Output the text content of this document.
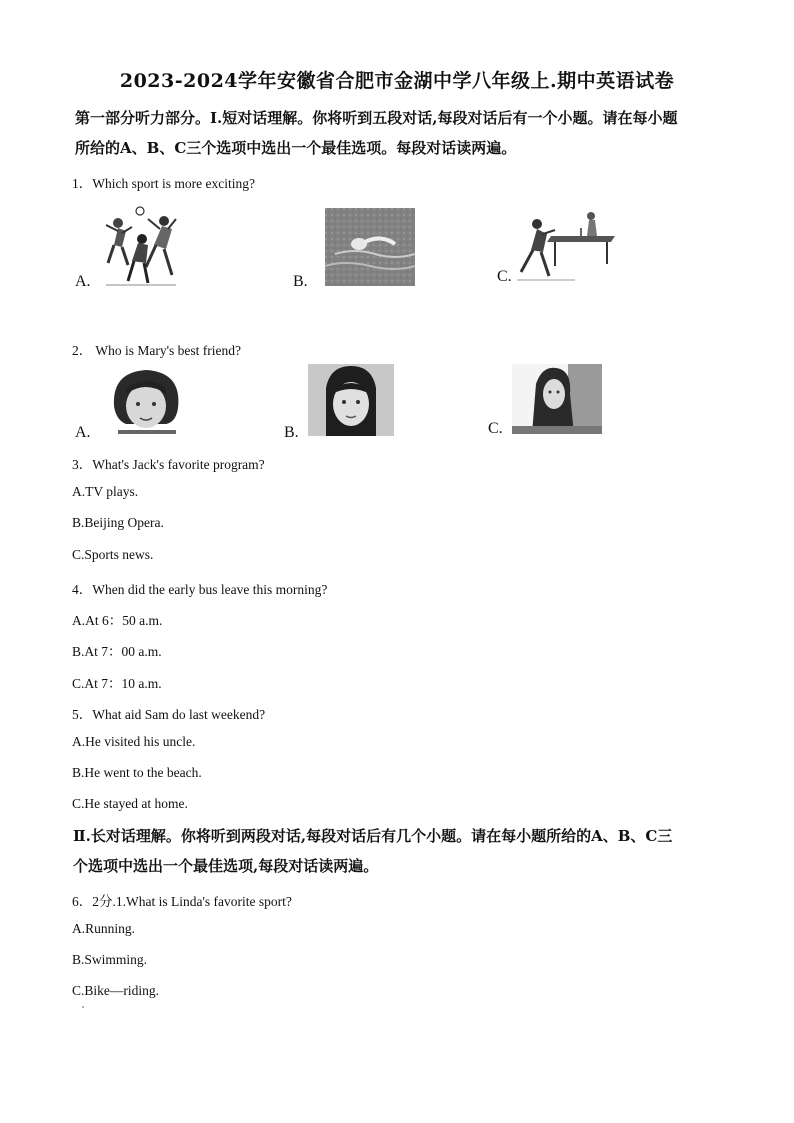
2023-2024学年安徽省合肥市金湖中学八年级上.期中英语试卷
第一部分听力部分。I.短对话理解。你将听到五段对话,每段对话后有一个小题。请在每小题
所给的A、B、C三个选项中选出一个最佳选项。每段对话读两遍。
1．Which sport is more exciting?
A.	B.	C.
2． Who is Mary's best friend?
A.	B.	C.
3．What's Jack's favorite program?
A.TV plays.
B.Beijing Opera.
C.Sports news.
4．When did the early bus leave this morning?
A.At 6：50 a.m.
B.At 7：00 a.m.
C.At 7：10 a.m.
5．What aid Sam do last weekend?
A.He visited his uncle.
B.He went to the beach.
C.He stayed at home.
Ⅱ.长对话理解。你将听到两段对话,每段对话后有几个小题。请在每小题所给的A、B、C三
个选项中选出一个最佳选项,每段对话读两遍。
6．2分.1.What is Linda's favorite sport?
A.Running.
B.Swimming.
C.Bike—riding.
